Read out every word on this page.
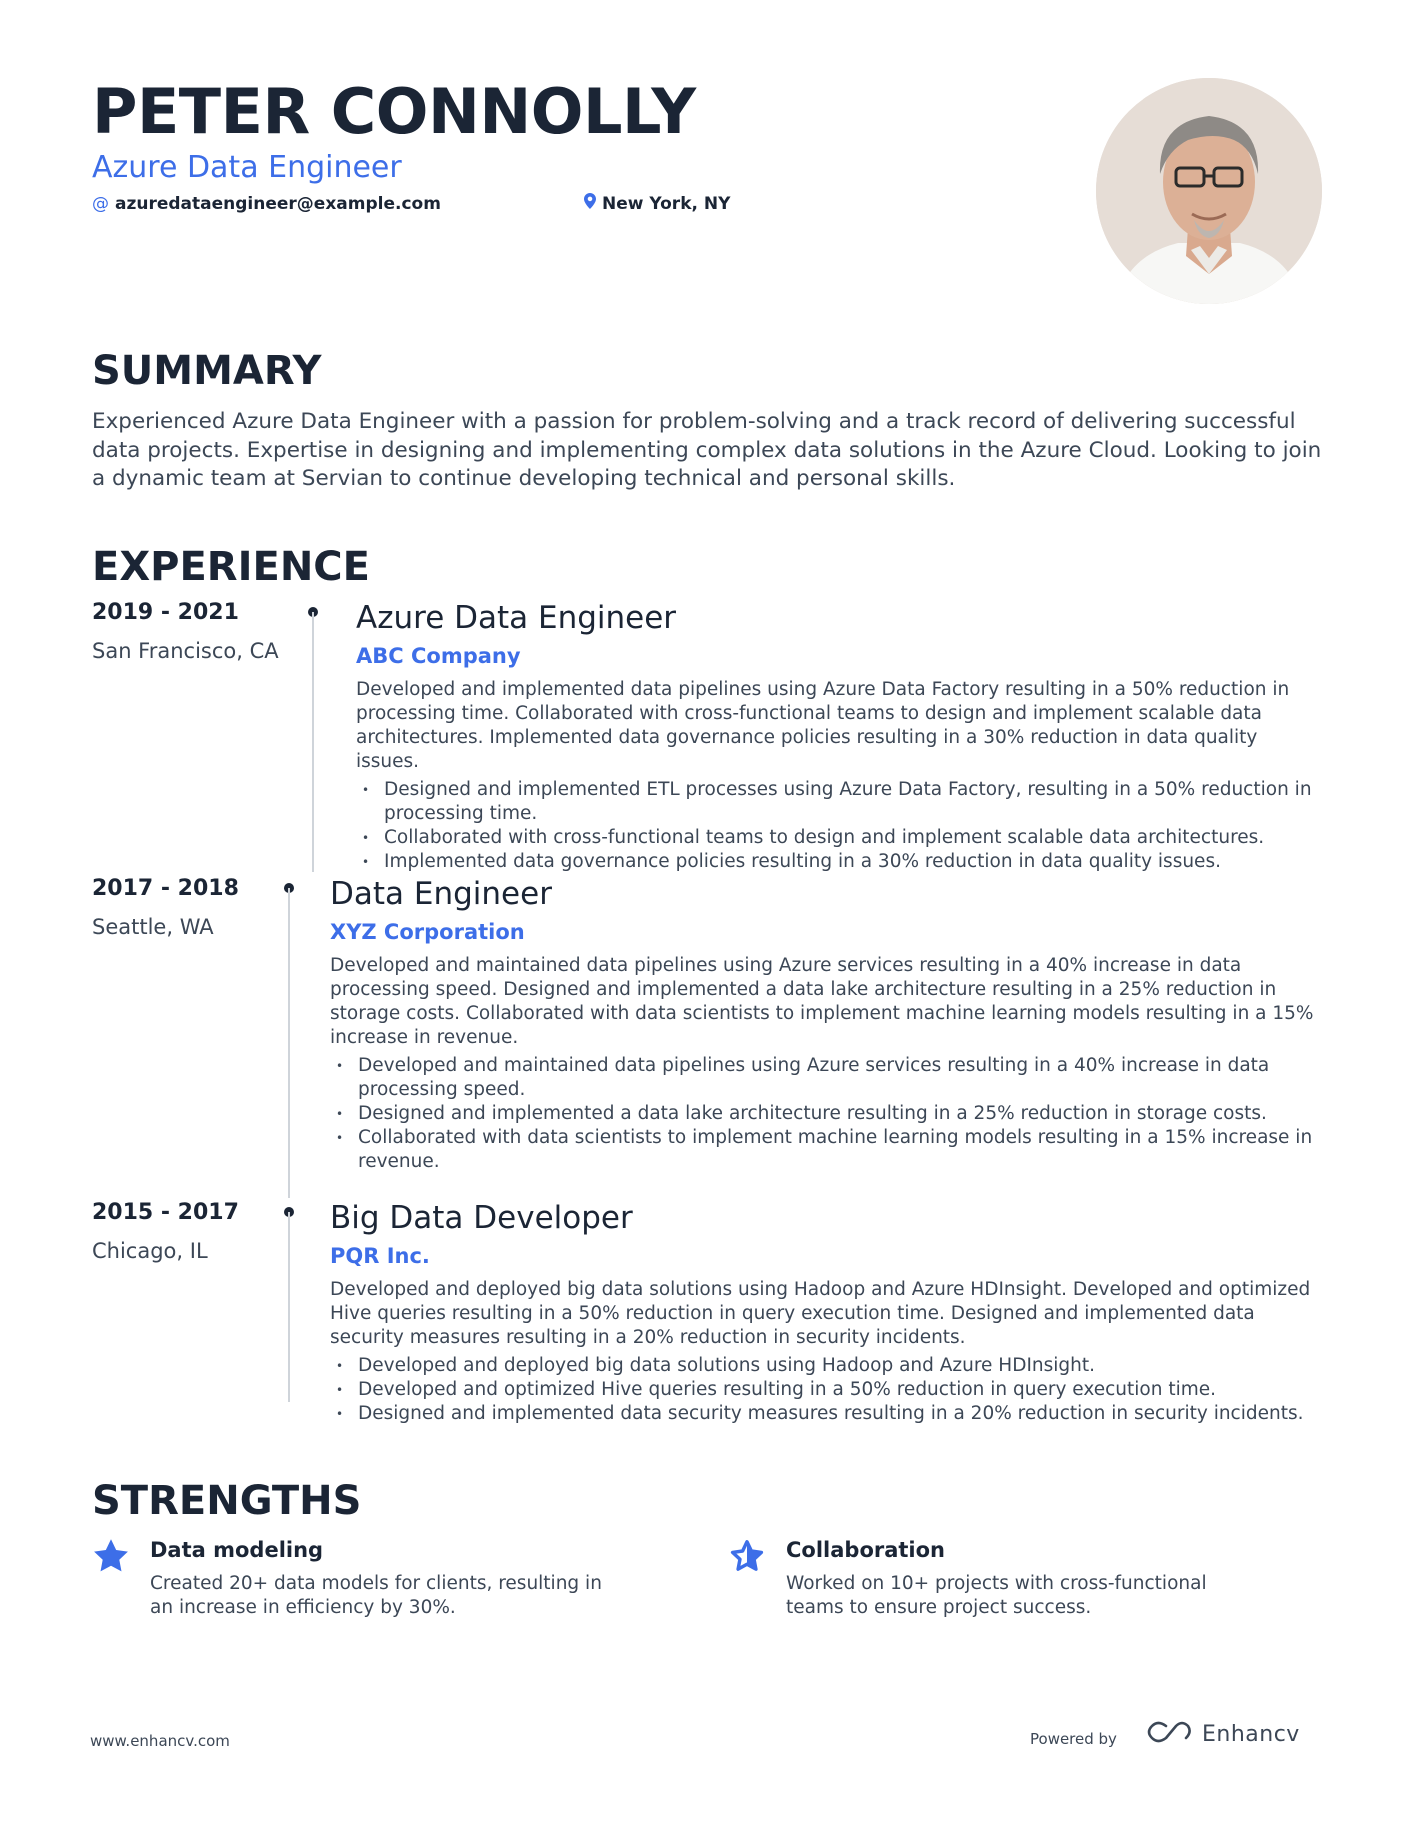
PETER CONNOLLY
Azure Data Engineer
@ azuredataengineer@example.com	New York, NY
SUMMARY

Experienced Azure Data Engineer with a passion for problem-solving and a track record of delivering successful data projects. Expertise in designing and implementing complex data solutions in the Azure Cloud. Looking to join a dynamic team at Servian to continue developing technical and personal skills.

EXPERIENCE
2019 - 2021
San Francisco, CA
Azure Data Engineer
ABC Company

Developed and implemented data pipelines using Azure Data Factory resulting in a 50% reduction in processing time. Collaborated with cross-functional teams to design and implement scalable data architectures. Implemented data governance policies resulting in a 30% reduction in data quality issues.

• Designed and implemented ETL processes using Azure Data Factory, resulting in a 50% reduction in processing time.
• Collaborated with cross-functional teams to design and implement scalable data architectures.
• Implemented data governance policies resulting in a 30% reduction in data quality issues.
2017 - 2018
Seattle, WA
Data Engineer
XYZ Corporation

Developed and maintained data pipelines using Azure services resulting in a 40% increase in data processing speed. Designed and implemented a data lake architecture resulting in a 25% reduction in storage costs. Collaborated with data scientists to implement machine learning models resulting in a 15% increase in revenue.

• Developed and maintained data pipelines using Azure services resulting in a 40% increase in data processing speed.
• Designed and implemented a data lake architecture resulting in a 25% reduction in storage costs.
• Collaborated with data scientists to implement machine learning models resulting in a 15% increase in revenue.
2015 - 2017
Chicago, IL
Big Data Developer
PQR Inc.

Developed and deployed big data solutions using Hadoop and Azure HDInsight. Developed and optimized Hive queries resulting in a 50% reduction in query execution time. Designed and implemented data security measures resulting in a 20% reduction in security incidents.

• Developed and deployed big data solutions using Hadoop and Azure HDInsight.
• Developed and optimized Hive queries resulting in a 50% reduction in query execution time.
• Designed and implemented data security measures resulting in a 20% reduction in security incidents.
STRENGTHS
Data modeling

Created 20+ data models for clients, resulting in an increase in efficiency by 30%.

Collaboration

Worked on 10+ projects with cross-functional teams to ensure project success.

www.enhancv.com	Powered by	Enhancv
